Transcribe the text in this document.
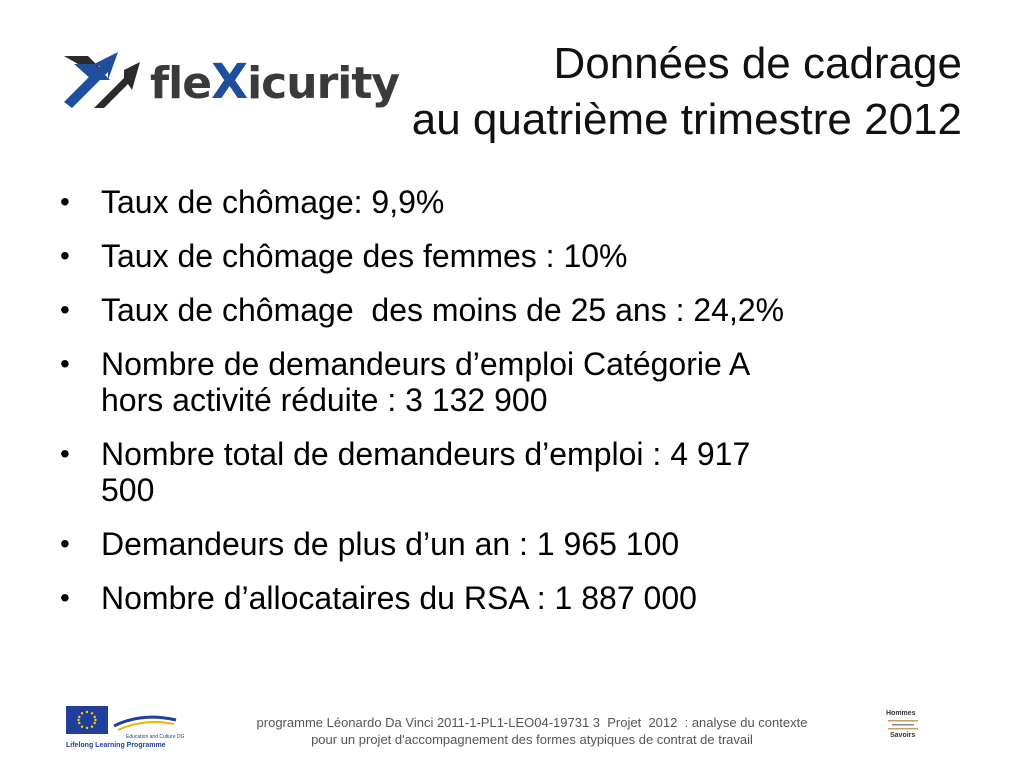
fleXicurity	Données de cadrage
au quatrième trimestre 2012
• Taux de chômage: 9,9%
• Taux de chômage des femmes : 10%
• Taux de chômage  des moins de 25 ans : 24,2%
• Nombre de demandeurs d’emploi Catégorie A
hors activité réduite : 3 132 900
• Nombre total de demandeurs d’emploi : 4 917
500
• Demandeurs de plus d’un an : 1 965 100
• Nombre d’allocataires du RSA : 1 887 000
Education and Culture DG
Lifelong Learning Programme
programme Léonardo Da Vinci 2011-1-PL1-LEO04-19731 3  Projet  2012  : analyse du contexte
pour un projet d'accompagnement des formes atypiques de contrat de travail
Hommes
Savoirs
